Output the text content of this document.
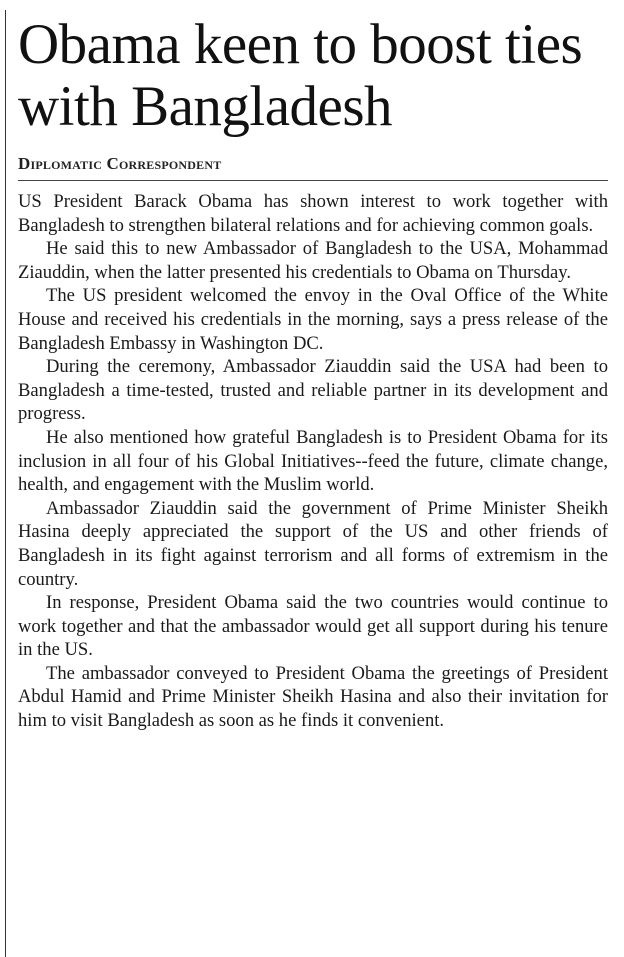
Obama keen to boost ties with Bangladesh
Diplomatic Correspondent

US President Barack Obama has shown interest to work together with Bangladesh to strengthen bilateral relations and for achieving common goals.

He said this to new Ambassador of Bangladesh to the USA, Mohammad Ziauddin, when the latter presented his credentials to Obama on Thursday.

The US president welcomed the envoy in the Oval Office of the White House and received his credentials in the morning, says a press release of the Bangladesh Embassy in Washington DC.

During the ceremony, Ambassador Ziauddin said the USA had been to Bangladesh a time-tested, trusted and reliable partner in its development and progress.

He also mentioned how grateful Bangladesh is to President Obama for its inclusion in all four of his Global Initiatives--feed the future, climate change, health, and engagement with the Muslim world.

Ambassador Ziauddin said the government of Prime Minister Sheikh Hasina deeply appreciated the support of the US and other friends of Bangladesh in its fight against terrorism and all forms of extremism in the country.

In response, President Obama said the two countries would continue to work together and that the ambassador would get all support during his tenure in the US.

The ambassador conveyed to President Obama the greetings of President Abdul Hamid and Prime Minister Sheikh Hasina and also their invitation for him to visit Bangladesh as soon as he finds it convenient.
